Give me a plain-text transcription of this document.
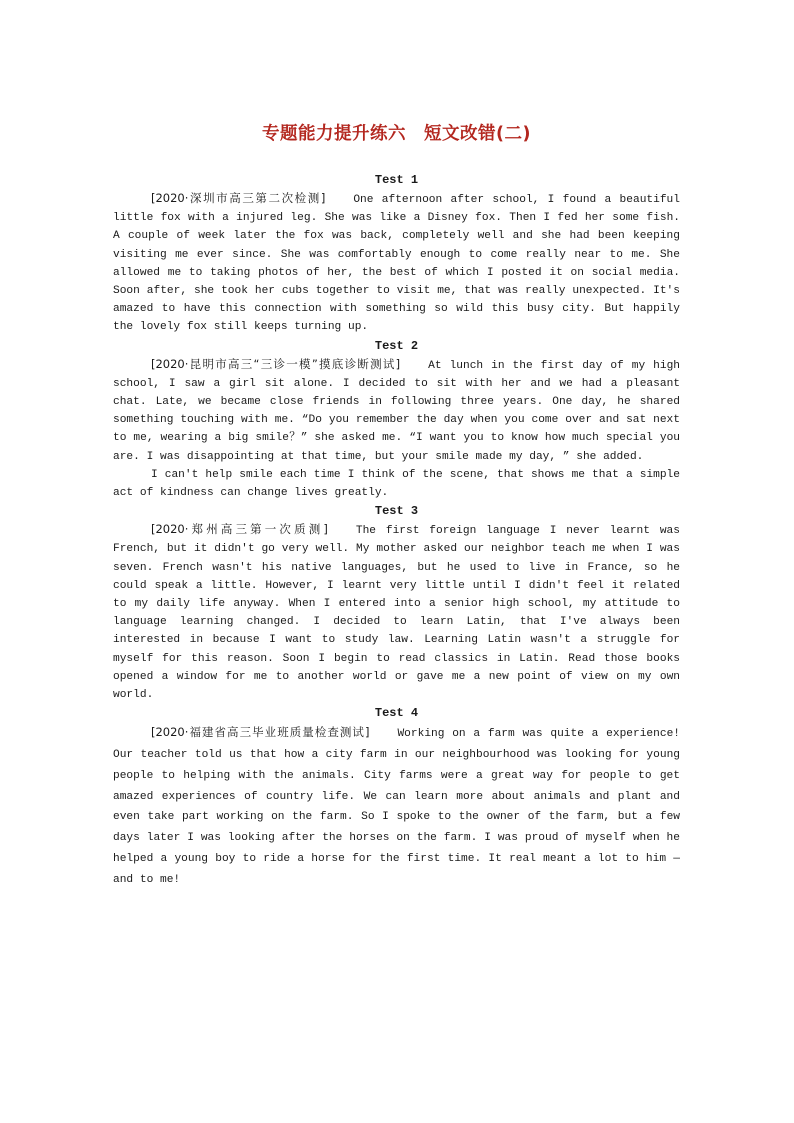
专题能力提升练六　短文改错(二)

Test 1

[2020·深圳市高三第二次检测]	One afternoon after school, I found a beautiful little fox with a injured leg. She was like a Disney fox. Then I fed her some fish. A couple of week later the fox was back, completely well and she had been keeping visiting me ever since. She was comfortably enough to come really near to me. She allowed me to taking photos of her, the best of which I posted it on social media. Soon after, she took her cubs together to visit me, that was really unexpected. It's amazed to have this connection with something so wild this busy city. But happily the lovely fox still keeps turning up.

Test 2

[2020·昆明市高三“三诊一模”摸底诊断测试]	At lunch in the first day of my high school, I saw a girl sit alone. I decided to sit with her and we had a pleasant chat. Late, we became close friends in following three years. One day, he shared something touching with me. “Do you remember the day when you come over and sat next to me, wearing a big smile？” she asked me. “I want you to know how much special you are. I was disappointing at that time, but your smile made my day, ” she added.

I can't help smile each time I think of the scene, that shows me that a simple act of kindness can change lives greatly.

Test 3

[2020·郑州高三第一次质测]	The first foreign language I never learnt was French, but it didn't go very well. My mother asked our neighbor teach me when I was seven. French wasn't his native languages, but he used to live in France, so he could speak a little. However, I learnt very little until I didn't feel it related to my daily life anyway. When I entered into a senior high school, my attitude to language learning changed. I decided to learn Latin, that I've always been interested in because I want to study law. Learning Latin wasn't a struggle for myself for this reason. Soon I begin to read classics in Latin. Read those books opened a window for me to another world or gave me a new point of view on my own world.

Test 4

[2020·福建省高三毕业班质量检查测试]	Working on a farm was quite a experience! Our teacher told us that how a city farm in our neighbourhood was looking for young people to helping with the animals. City farms were a great way for people to get amazed experiences of country life. We can learn more about animals and plant and even take part working on the farm. So I spoke to the owner of the farm, but a few days later I was looking after the horses on the farm. I was proud of myself when he helped a young boy to ride a horse for the first time. It real meant a lot to him — and to me!
